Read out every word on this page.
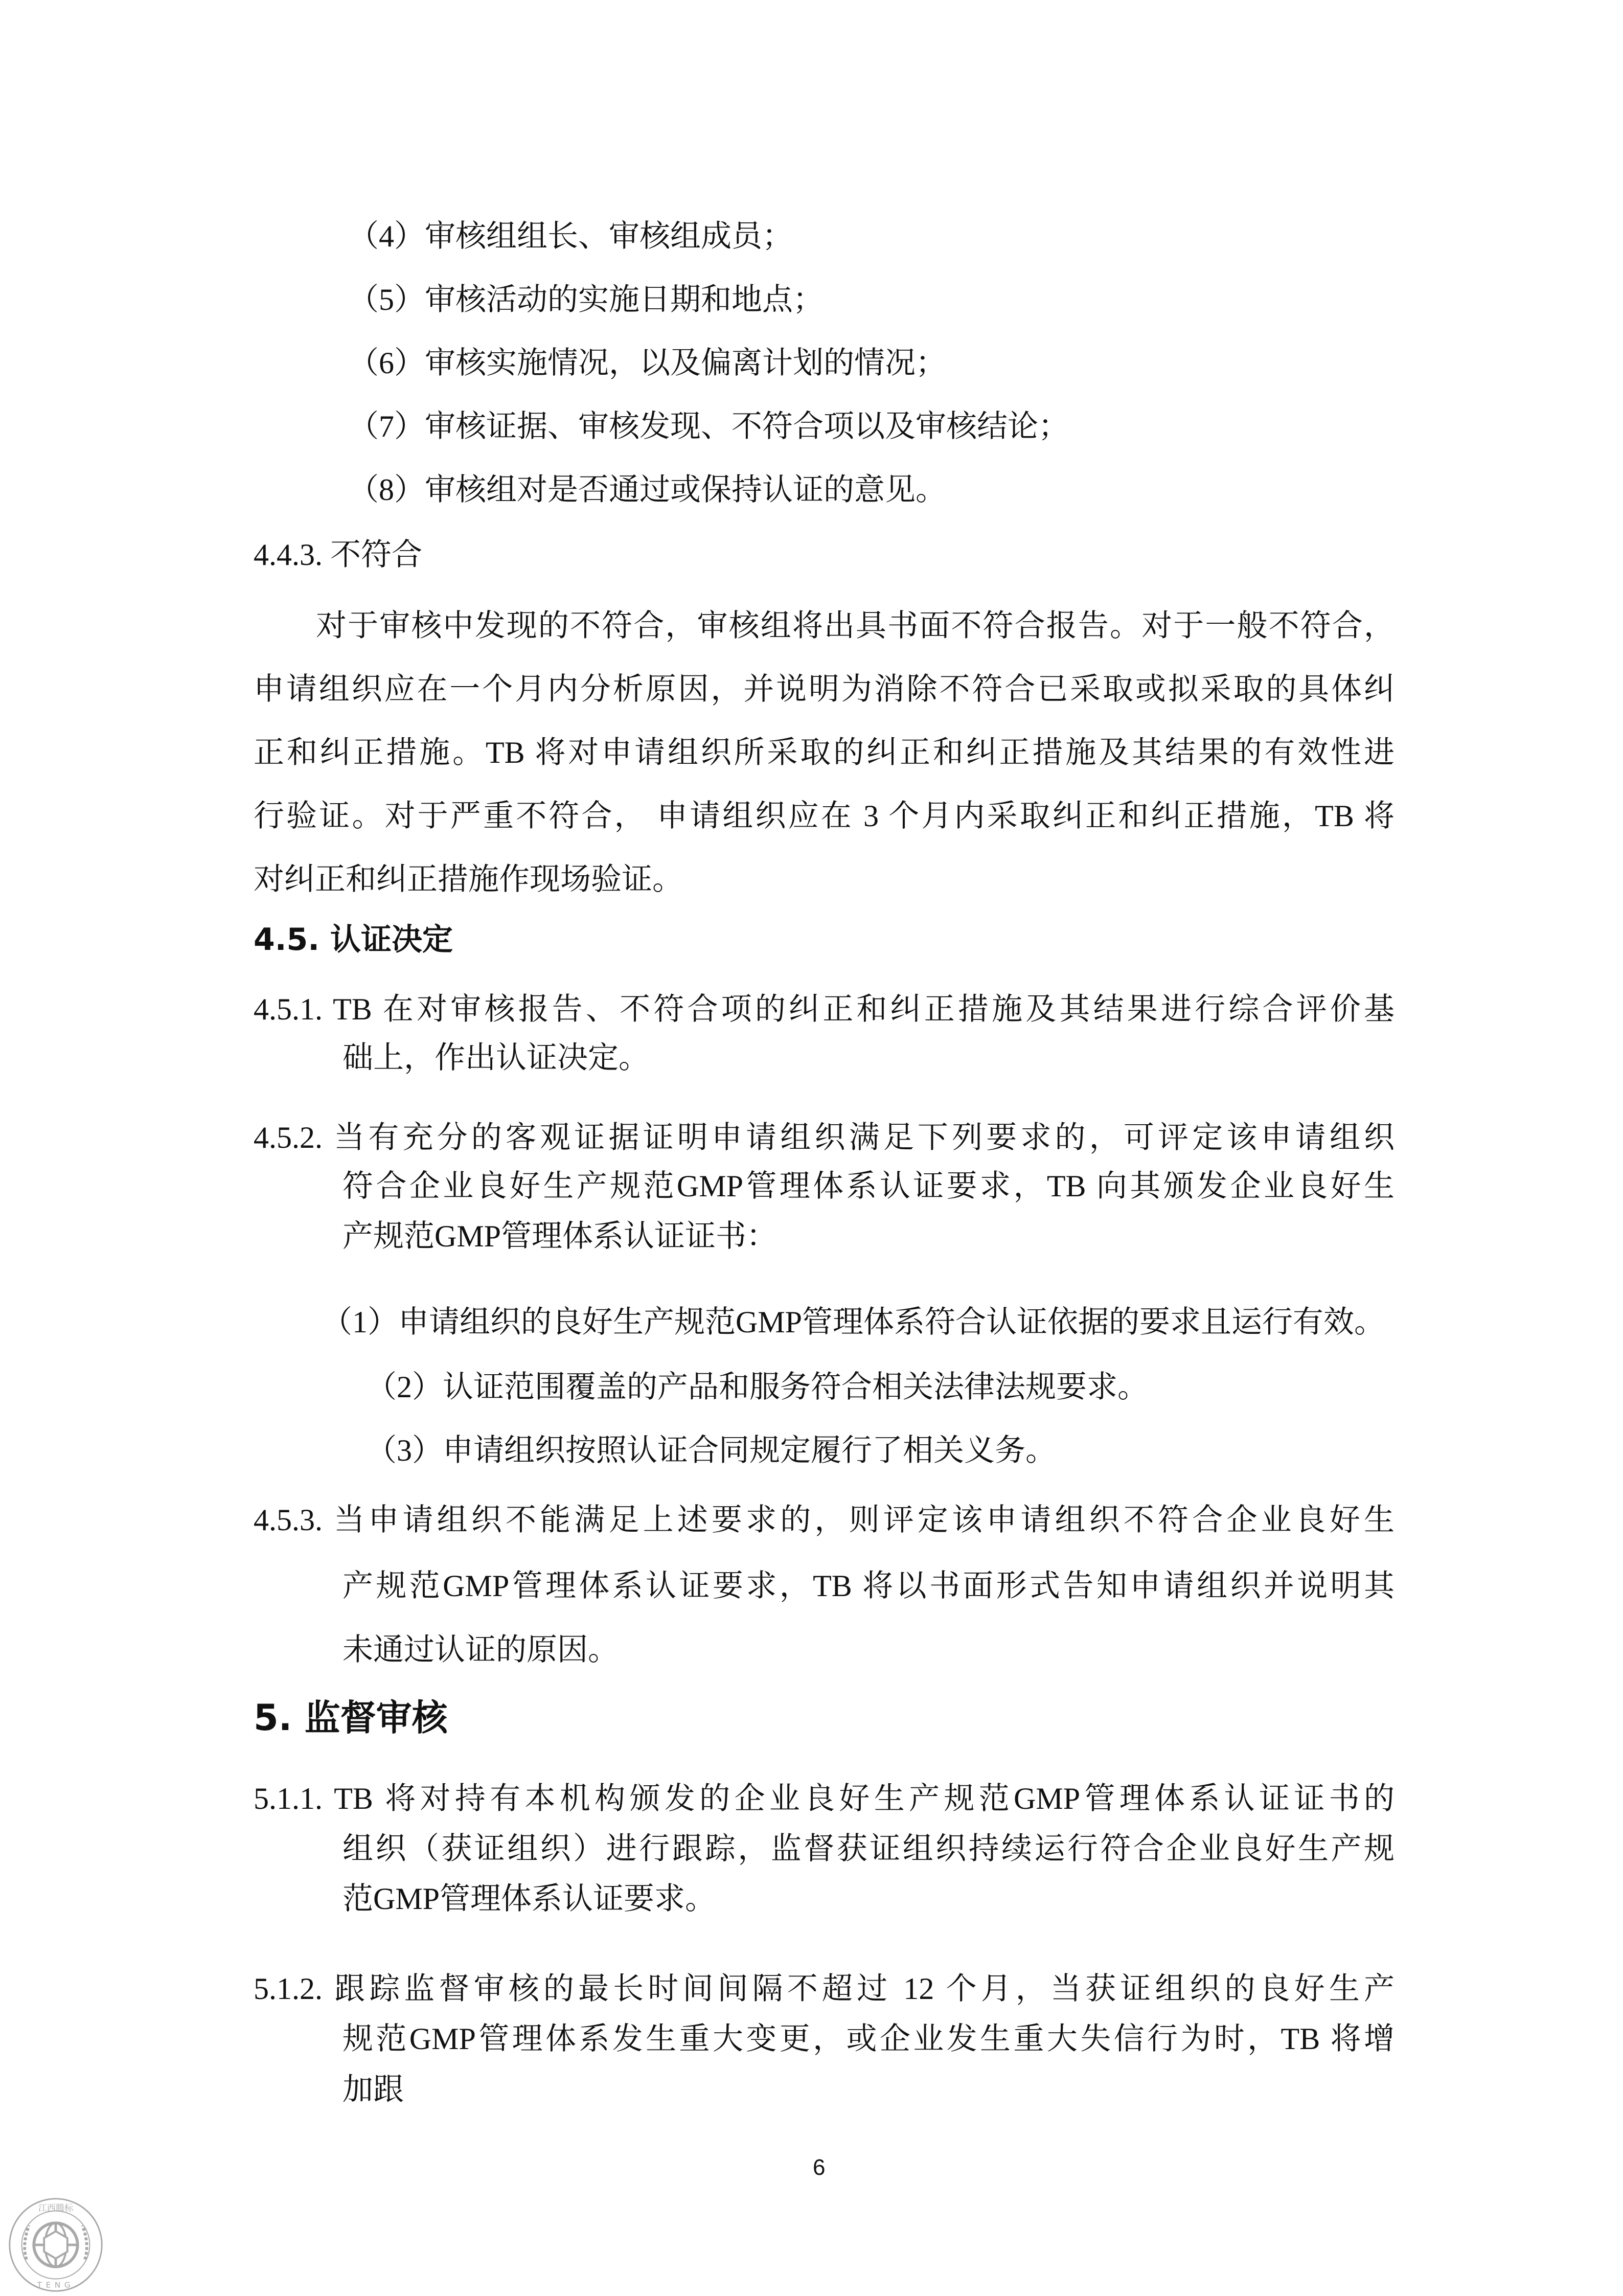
（4）审核组组长、审核组成员；
（5）审核活动的实施日期和地点；
（6）审核实施情况，以及偏离计划的情况；
（7）审核证据、审核发现、不符合项以及审核结论；
（8）审核组对是否通过或保持认证的意见。
4.4.3. 不符合
对于审核中发现的不符合，审核组将出具书面不符合报告。对于一般不符合，
申请组织应在一个月内分析原因，并说明为消除不符合已采取或拟采取的具体纠
正和纠正措施。TB 将对申请组织所采取的纠正和纠正措施及其结果的有效性进
行验证。对于严重不符合， 申请组织应在 3 个月内采取纠正和纠正措施，TB 将
对纠正和纠正措施作现场验证。
4.5. 认证决定
4.5.1. TB 在对审核报告、不符合项的纠正和纠正措施及其结果进行综合评价基
础上，作出认证决定。
4.5.2. 当有充分的客观证据证明申请组织满足下列要求的，可评定该申请组织
符合企业良好生产规范GMP管理体系认证要求，TB 向其颁发企业良好生
产规范GMP管理体系认证证书：
（1）申请组织的良好生产规范GMP管理体系符合认证依据的要求且运行有效。
（2）认证范围覆盖的产品和服务符合相关法律法规要求。
（3）申请组织按照认证合同规定履行了相关义务。
4.5.3. 当申请组织不能满足上述要求的，则评定该申请组织不符合企业良好生
产规范GMP管理体系认证要求，TB 将以书面形式告知申请组织并说明其
未通过认证的原因。
5. 监督审核
5.1.1. TB 将对持有本机构颁发的企业良好生产规范GMP管理体系认证证书的
组织（获证组织）进行跟踪，监督获证组织持续运行符合企业良好生产规
范GMP管理体系认证要求。
5.1.2. 跟踪监督审核的最长时间间隔不超过 12 个月，当获证组织的良好生产
规范GMP管理体系发生重大变更，或企业发生重大失信行为时，TB 将增
加跟
6
江西腾标
TENG
